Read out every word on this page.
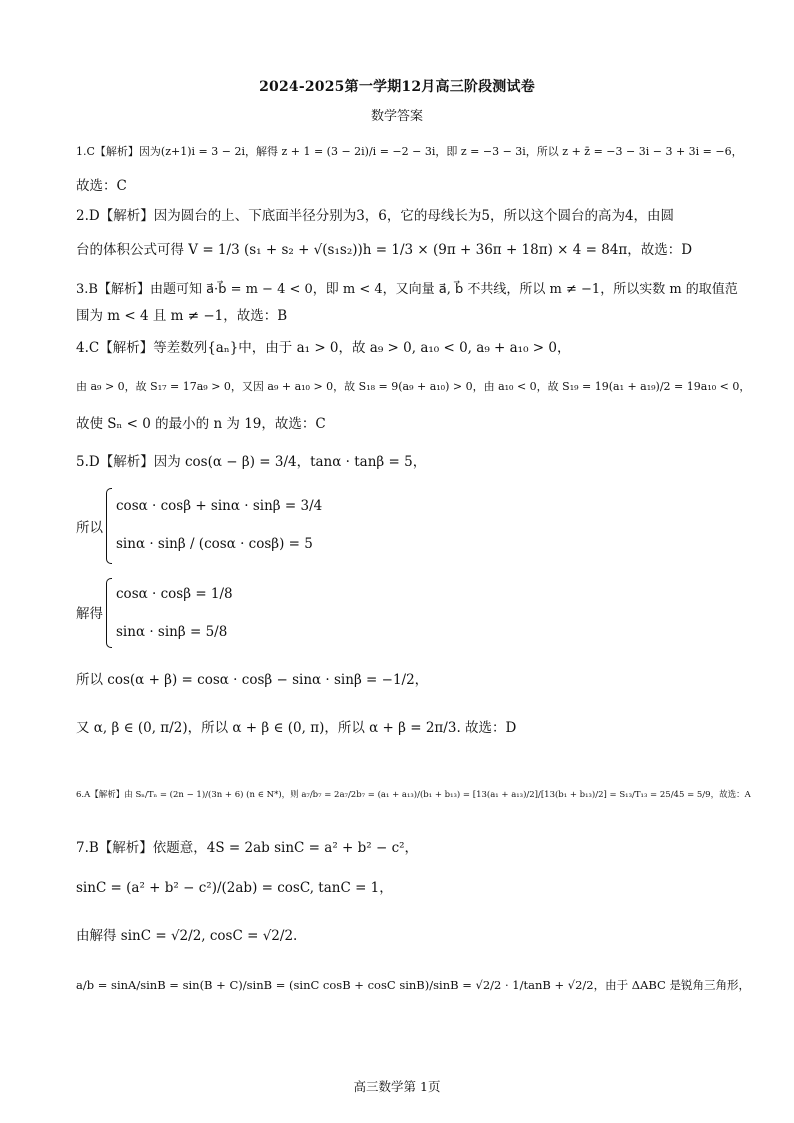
2024-2025第一学期12月高三阶段测试卷
数学答案
1.C【解析】因为(z+1)i = 3 − 2i，解得 z + 1 = (3 − 2i)/i = −2 − 3i，即 z = −3 − 3i，所以 z + z̄ = −3 − 3i − 3 + 3i = −6，
故选：C
2.D【解析】因为圆台的上、下底面半径分别为3，6，它的母线长为5，所以这个圆台的高为4，由圆
台的体积公式可得 V = 1/3 (s₁ + s₂ + √(s₁s₂))h = 1/3 × (9π + 36π + 18π) × 4 = 84π，故选：D
3.B【解析】由题可知 a⃗·b⃗ = m − 4 < 0，即 m < 4，又向量 a⃗, b⃗ 不共线，所以 m ≠ −1，所以实数 m 的取值范
围为 m < 4 且 m ≠ −1，故选：B
4.C【解析】等差数列{aₙ}中，由于 a₁ > 0，故 a₉ > 0, a₁₀ < 0, a₉ + a₁₀ > 0，
由 a₉ > 0，故 S₁₇ = 17a₉ > 0，又因 a₉ + a₁₀ > 0，故 S₁₈ = 9(a₉ + a₁₀) > 0，由 a₁₀ < 0，故 S₁₉ = 19(a₁ + a₁₉)/2 = 19a₁₀ < 0，
故使 Sₙ < 0 的最小的 n 为 19，故选：C
5.D【解析】因为 cos(α − β) = 3/4，tanα · tanβ = 5，
所以
cosα · cosβ + sinα · sinβ = 3/4
sinα · sinβ / (cosα · cosβ) = 5
解得
cosα · cosβ = 1/8
sinα · sinβ = 5/8
所以 cos(α + β) = cosα · cosβ − sinα · sinβ = −1/2，
又 α, β ∈ (0, π/2)，所以 α + β ∈ (0, π)，所以 α + β = 2π/3. 故选：D
6.A【解析】由 Sₙ/Tₙ = (2n − 1)/(3n + 6) (n ∈ N*)，则 a₇/b₇ = 2a₇/2b₇ = (a₁ + a₁₃)/(b₁ + b₁₃) = [13(a₁ + a₁₃)/2]/[13(b₁ + b₁₃)/2] = S₁₃/T₁₃ = 25/45 = 5/9，故选：A
7.B【解析】依题意，4S = 2ab sinC = a² + b² − c²，
sinC = (a² + b² − c²)/(2ab) = cosC, tanC = 1，
由解得 sinC = √2/2, cosC = √2/2.
a/b = sinA/sinB = sin(B + C)/sinB = (sinC cosB + cosC sinB)/sinB = √2/2 · 1/tanB + √2/2，由于 ΔABC 是锐角三角形，
高三数学第 1页
